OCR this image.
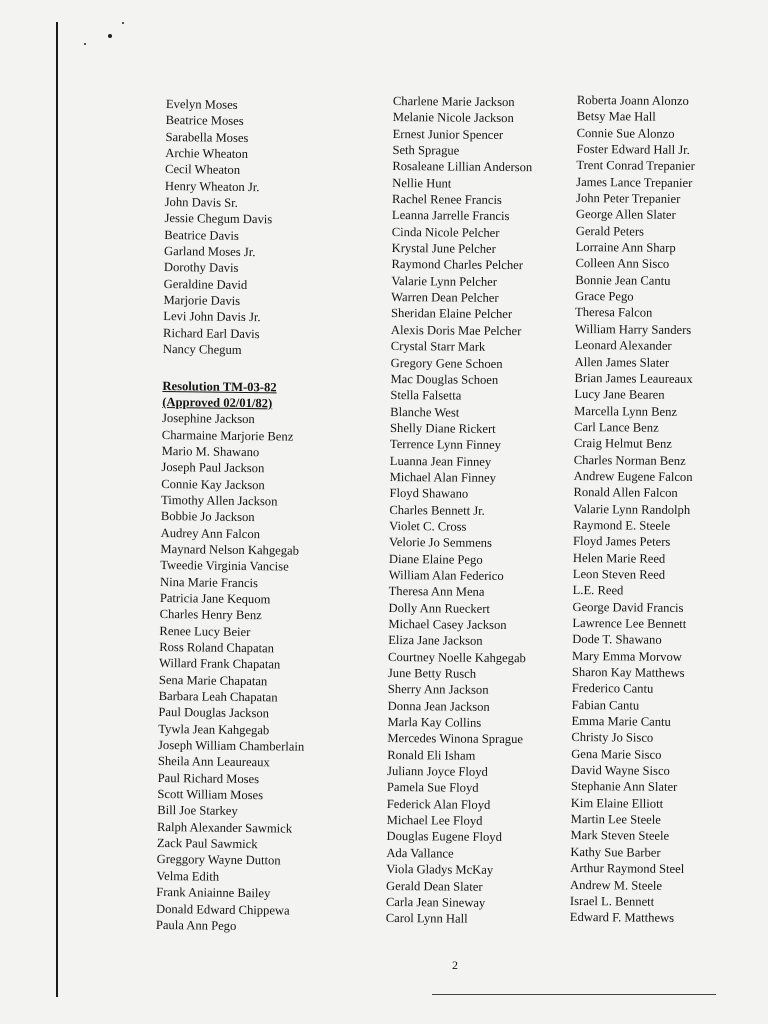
Evelyn Moses
Beatrice Moses
Sarabella Moses
Archie Wheaton
Cecil Wheaton
Henry Wheaton Jr.
John Davis Sr.
Jessie Chegum Davis
Beatrice Davis
Garland Moses Jr.
Dorothy Davis
Geraldine David
Marjorie Davis
Levi John Davis Jr.
Richard Earl Davis
Nancy Chegum
Resolution TM-03-82
(Approved 02/01/82)
Josephine Jackson
Charmaine Marjorie Benz
Mario M. Shawano
Joseph Paul Jackson
Connie Kay Jackson
Timothy Allen Jackson
Bobbie Jo Jackson
Audrey Ann Falcon
Maynard Nelson Kahgegab
Tweedie Virginia Vancise
Nina Marie Francis
Patricia Jane Kequom
Charles Henry Benz
Renee Lucy Beier
Ross Roland Chapatan
Willard Frank Chapatan
Sena Marie Chapatan
Barbara Leah Chapatan
Paul Douglas Jackson
Tywla Jean Kahgegab
Joseph William Chamberlain
Sheila Ann Leaureaux
Paul Richard Moses
Scott William Moses
Bill Joe Starkey
Ralph Alexander Sawmick
Zack Paul Sawmick
Greggory Wayne Dutton
Velma Edith
Frank Aniainne Bailey
Donald Edward Chippewa
Paula Ann Pego
Charlene Marie Jackson
Melanie Nicole Jackson
Ernest Junior Spencer
Seth Sprague
Rosaleane Lillian Anderson
Nellie Hunt
Rachel Renee Francis
Leanna Jarrelle Francis
Cinda Nicole Pelcher
Krystal June Pelcher
Raymond Charles Pelcher
Valarie Lynn Pelcher
Warren Dean Pelcher
Sheridan Elaine Pelcher
Alexis Doris Mae Pelcher
Crystal Starr Mark
Gregory Gene Schoen
Mac Douglas Schoen
Stella Falsetta
Blanche West
Shelly Diane Rickert
Terrence Lynn Finney
Luanna Jean Finney
Michael Alan Finney
Floyd Shawano
Charles Bennett Jr.
Violet C. Cross
Velorie Jo Semmens
Diane Elaine Pego
William Alan Federico
Theresa Ann Mena
Dolly Ann Rueckert
Michael Casey Jackson
Eliza Jane Jackson
Courtney Noelle Kahgegab
June Betty Rusch
Sherry Ann Jackson
Donna Jean Jackson
Marla Kay Collins
Mercedes Winona Sprague
Ronald Eli Isham
Juliann Joyce Floyd
Pamela Sue Floyd
Federick Alan Floyd
Michael Lee Floyd
Douglas Eugene Floyd
Ada Vallance
Viola Gladys McKay
Gerald Dean Slater
Carla Jean Sineway
Carol Lynn Hall
Roberta Joann Alonzo
Betsy Mae Hall
Connie Sue Alonzo
Foster Edward Hall Jr.
Trent Conrad Trepanier
James Lance Trepanier
John Peter Trepanier
George Allen Slater
Gerald Peters
Lorraine Ann Sharp
Colleen Ann Sisco
Bonnie Jean Cantu
Grace Pego
Theresa Falcon
William Harry Sanders
Leonard Alexander
Allen James Slater
Brian James Leaureaux
Lucy Jane Bearen
Marcella Lynn Benz
Carl Lance Benz
Craig Helmut Benz
Charles Norman Benz
Andrew Eugene Falcon
Ronald Allen Falcon
Valarie Lynn Randolph
Raymond E. Steele
Floyd James Peters
Helen Marie Reed
Leon Steven Reed
L.E. Reed
George David Francis
Lawrence Lee Bennett
Dode T. Shawano
Mary Emma Morvow
Sharon Kay Matthews
Frederico Cantu
Fabian Cantu
Emma Marie Cantu
Christy Jo Sisco
Gena Marie Sisco
David Wayne Sisco
Stephanie Ann Slater
Kim Elaine Elliott
Martin Lee Steele
Mark Steven Steele
Kathy Sue Barber
Arthur Raymond Steel
Andrew M. Steele
Israel L. Bennett
Edward F. Matthews
2
